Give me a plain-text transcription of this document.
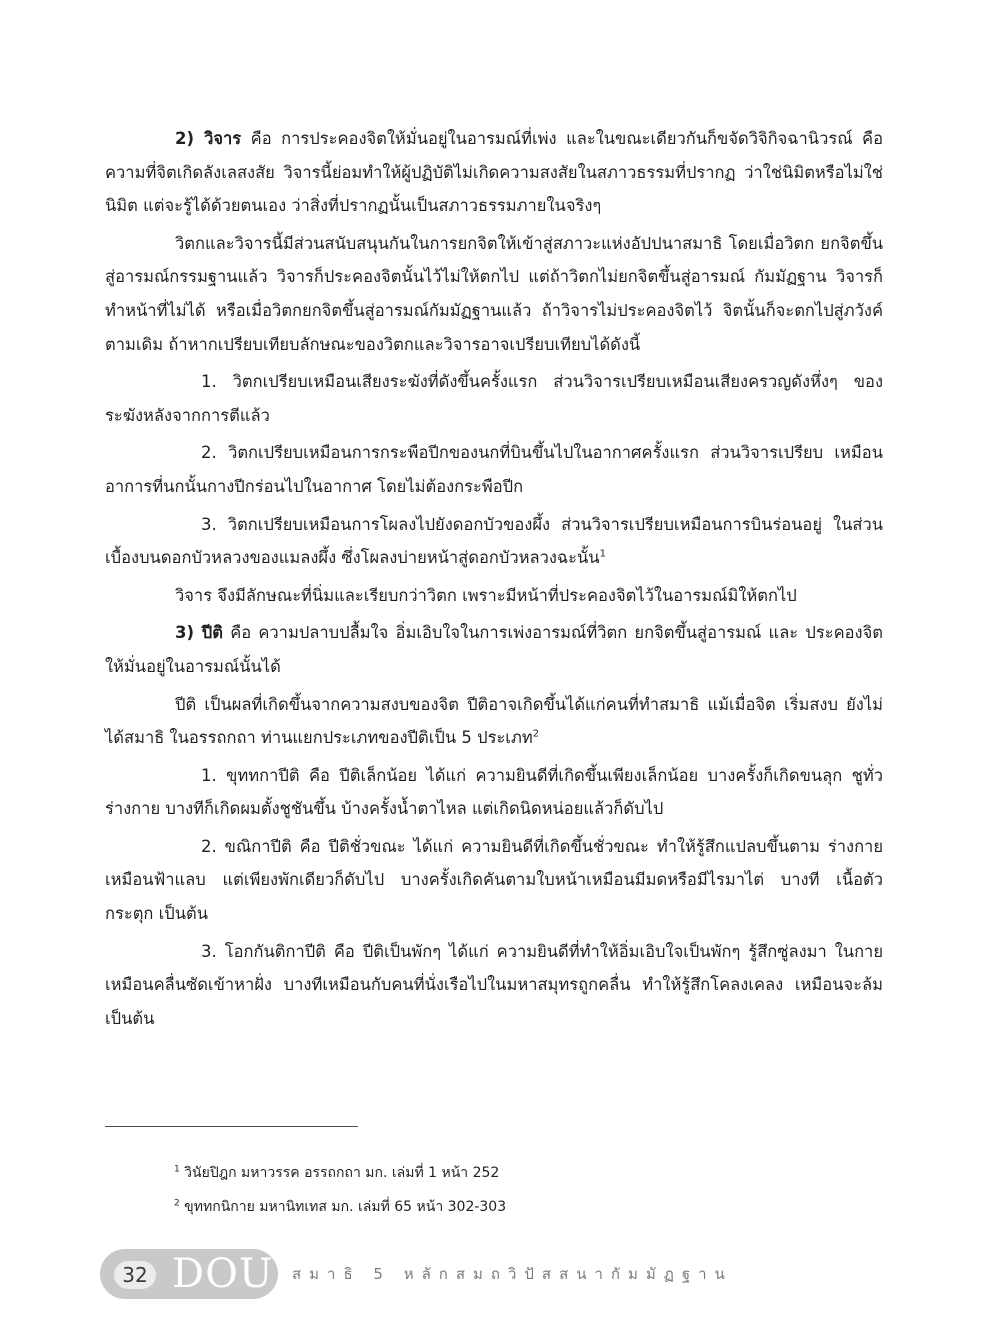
2) วิจาร คือ การประคองจิตให้มั่นอยู่ในอารมณ์ที่เพ่ง และในขณะเดียวกันก็ขจัดวิจิกิจฉานิวรณ์ คือ ความที่จิตเกิดลังเลสงสัย วิจารนี้ย่อมทำให้ผู้ปฏิบัติไม่เกิดความสงสัยในสภาวธรรมที่ปรากฏ ว่าใช่นิมิตหรือไม่ใช่นิมิต แต่จะรู้ได้ด้วยตนเอง ว่าสิ่งที่ปรากฏนั้นเป็นสภาวธรรมภายในจริงๆ

วิตกและวิจารนี้มีส่วนสนับสนุนกันในการยกจิตให้เข้าสู่สภาวะแห่งอัปปนาสมาธิ โดยเมื่อวิตก ยกจิตขึ้นสู่อารมณ์กรรมฐานแล้ว วิจารก็ประคองจิตนั้นไว้ไม่ให้ตกไป แต่ถ้าวิตกไม่ยกจิตขึ้นสู่อารมณ์ กัมมัฏฐาน วิจารก็ทำหน้าที่ไม่ได้ หรือเมื่อวิตกยกจิตขึ้นสู่อารมณ์กัมมัฏฐานแล้ว ถ้าวิจารไม่ประคองจิตไว้ จิตนั้นก็จะตกไปสู่ภวังค์ตามเดิม ถ้าหากเปรียบเทียบลักษณะของวิตกและวิจารอาจเปรียบเทียบได้ดังนี้

1. วิตกเปรียบเหมือนเสียงระฆังที่ดังขึ้นครั้งแรก ส่วนวิจารเปรียบเหมือนเสียงครวญดังหึ่งๆ ของระฆังหลังจากการตีแล้ว

2. วิตกเปรียบเหมือนการกระพือปีกของนกที่บินขึ้นไปในอากาศครั้งแรก ส่วนวิจารเปรียบ เหมือนอาการที่นกนั้นกางปีกร่อนไปในอากาศ โดยไม่ต้องกระพือปีก

3. วิตกเปรียบเหมือนการโผลงไปยังดอกบัวของผึ้ง ส่วนวิจารเปรียบเหมือนการบินร่อนอยู่ ในส่วนเบื้องบนดอกบัวหลวงของแมลงผึ้ง ซึ่งโผลงบ่ายหน้าสู่ดอกบัวหลวงฉะนั้น$^1$

วิจาร จึงมีลักษณะที่นิ่มและเรียบกว่าวิตก เพราะมีหน้าที่ประคองจิตไว้ในอารมณ์มิให้ตกไป

3) ปีติ คือ ความปลาบปลื้มใจ อิ่มเอิบใจในการเพ่งอารมณ์ที่วิตก ยกจิตขึ้นสู่อารมณ์ และ ประคองจิตให้มั่นอยู่ในอารมณ์นั้นได้

ปีติ เป็นผลที่เกิดขึ้นจากความสงบของจิต ปีติอาจเกิดขึ้นได้แก่คนที่ทำสมาธิ แม้เมื่อจิต เริ่มสงบ ยังไม่ได้สมาธิ ในอรรถกถา ท่านแยกประเภทของปีติเป็น 5 ประเภท$^2$

1. ขุททกาปีติ คือ ปีติเล็กน้อย ได้แก่ ความยินดีที่เกิดขึ้นเพียงเล็กน้อย บางครั้งก็เกิดขนลุก ชูทั่วร่างกาย บางทีก็เกิดผมตั้งชูชันขึ้น บ้างครั้งน้ำตาไหล แต่เกิดนิดหน่อยแล้วก็ดับไป

2. ขณิกาปีติ คือ ปีติชั่วขณะ ได้แก่ ความยินดีที่เกิดขึ้นชั่วขณะ ทำให้รู้สึกแปลบขึ้นตาม ร่างกายเหมือนฟ้าแลบ แต่เพียงพักเดียวก็ดับไป บางครั้งเกิดคันตามใบหน้าเหมือนมีมดหรือมีไรมาไต่ บางที เนื้อตัวกระตุก เป็นต้น

3. โอกกันติกาปีติ คือ ปีติเป็นพักๆ ได้แก่ ความยินดีที่ทำให้อิ่มเอิบใจเป็นพักๆ รู้สึกซู่ลงมา ในกายเหมือนคลื่นซัดเข้าหาฝั่ง บางทีเหมือนกับคนที่นั่งเรือไปในมหาสมุทรถูกคลื่น ทำให้รู้สึกโคลงเคลง เหมือนจะล้ม เป็นต้น

$^1$ วินัยปิฎก มหาวรรค อรรถกถา มก. เล่มที่ 1 หน้า 252

$^2$ ขุททกนิกาย มหานิทเทส มก. เล่มที่ 65 หน้า 302-303

32 DOU สมาธิ 5 หลักสมถวิปัสสนากัมมัฏฐาน
